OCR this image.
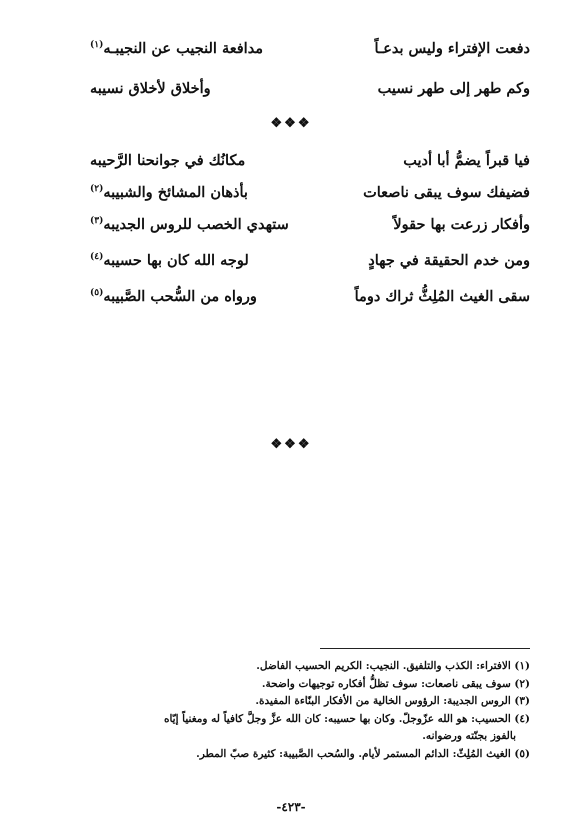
دفعت الإفتراء وليس بدعـاً
مدافعة النجيب عن النجيبـه$^{(١)}$
وكم طهر إلى طهر نسيب
وأخلاق لأخلاق نسيبه
❖❖❖
فيا قبراً يضمُّ أبا أديب
مكانُك في جوانحنا الرَّحيبه
فضيفك سوف يبقى ناصعات
بأذهان المشائخ والشبيبه$^{(٢)}$
وأفكار زرعت بها حقولاً
ستهدي الخصب للروس الجديبه$^{(٣)}$
ومن خدم الحقيقة في جهادٍ
لوجه الله كان بها حسيبه$^{(٤)}$
سقى الغيث المُلِثُّ ثراك دوماً
ورواه من السُّحب الصَّبيبه$^{(٥)}$
❖❖❖
(١) الافتراء: الكذب والتلفيق. النجيب: الكريم الحسيب الفاضل.
(٢) سوف يبقى ناصعات: سوف تظلُّ أفكاره توجيهات واضحة.
(٣) الروس الجديبة: الرؤوس الخالية من الأفكار البنّاءة المفيدة.
(٤) الحسيب: هو الله عزّوجلّ. وكان بها حسيبه: كان الله عزَّ وجلَّ كافياً له ومغنياً إيّاه
بالفوز بجنّته ورضوانه.
(٥) الغيث المُلِثّ: الدائم المستمر لأيام. والسُحب الصَّبيبة: كثيرة صبّ المطر.
-٤٢٣-
